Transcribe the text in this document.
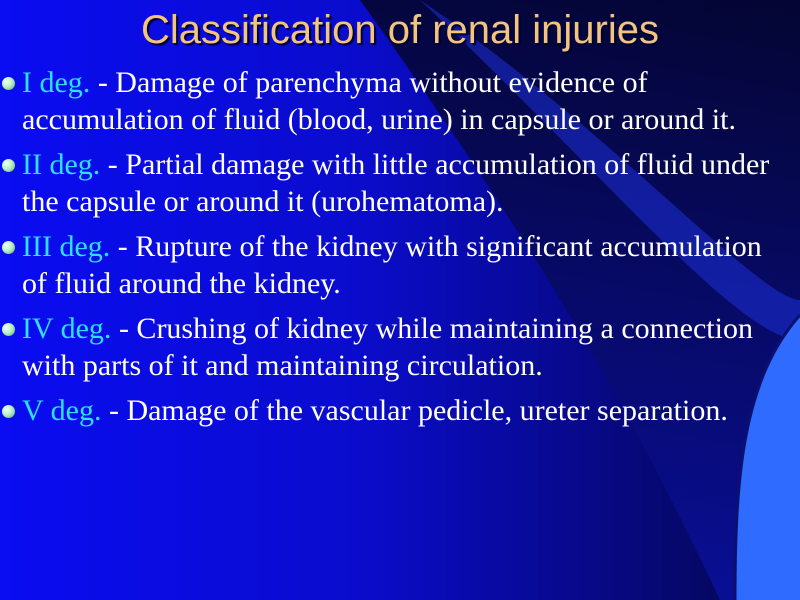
Classification of renal injuries
I deg. - Damage of parenchyma without evidence of accumulation of fluid (blood, urine) in capsule or around it.
II deg. - Partial damage with little accumulation of fluid under the capsule or around it (urohematoma).
III deg. - Rupture of the kidney with significant accumulation of fluid around the kidney.
IV deg. - Crushing of kidney while maintaining a connection with parts of it and maintaining circulation.
V deg. - Damage of the vascular pedicle, ureter separation.
